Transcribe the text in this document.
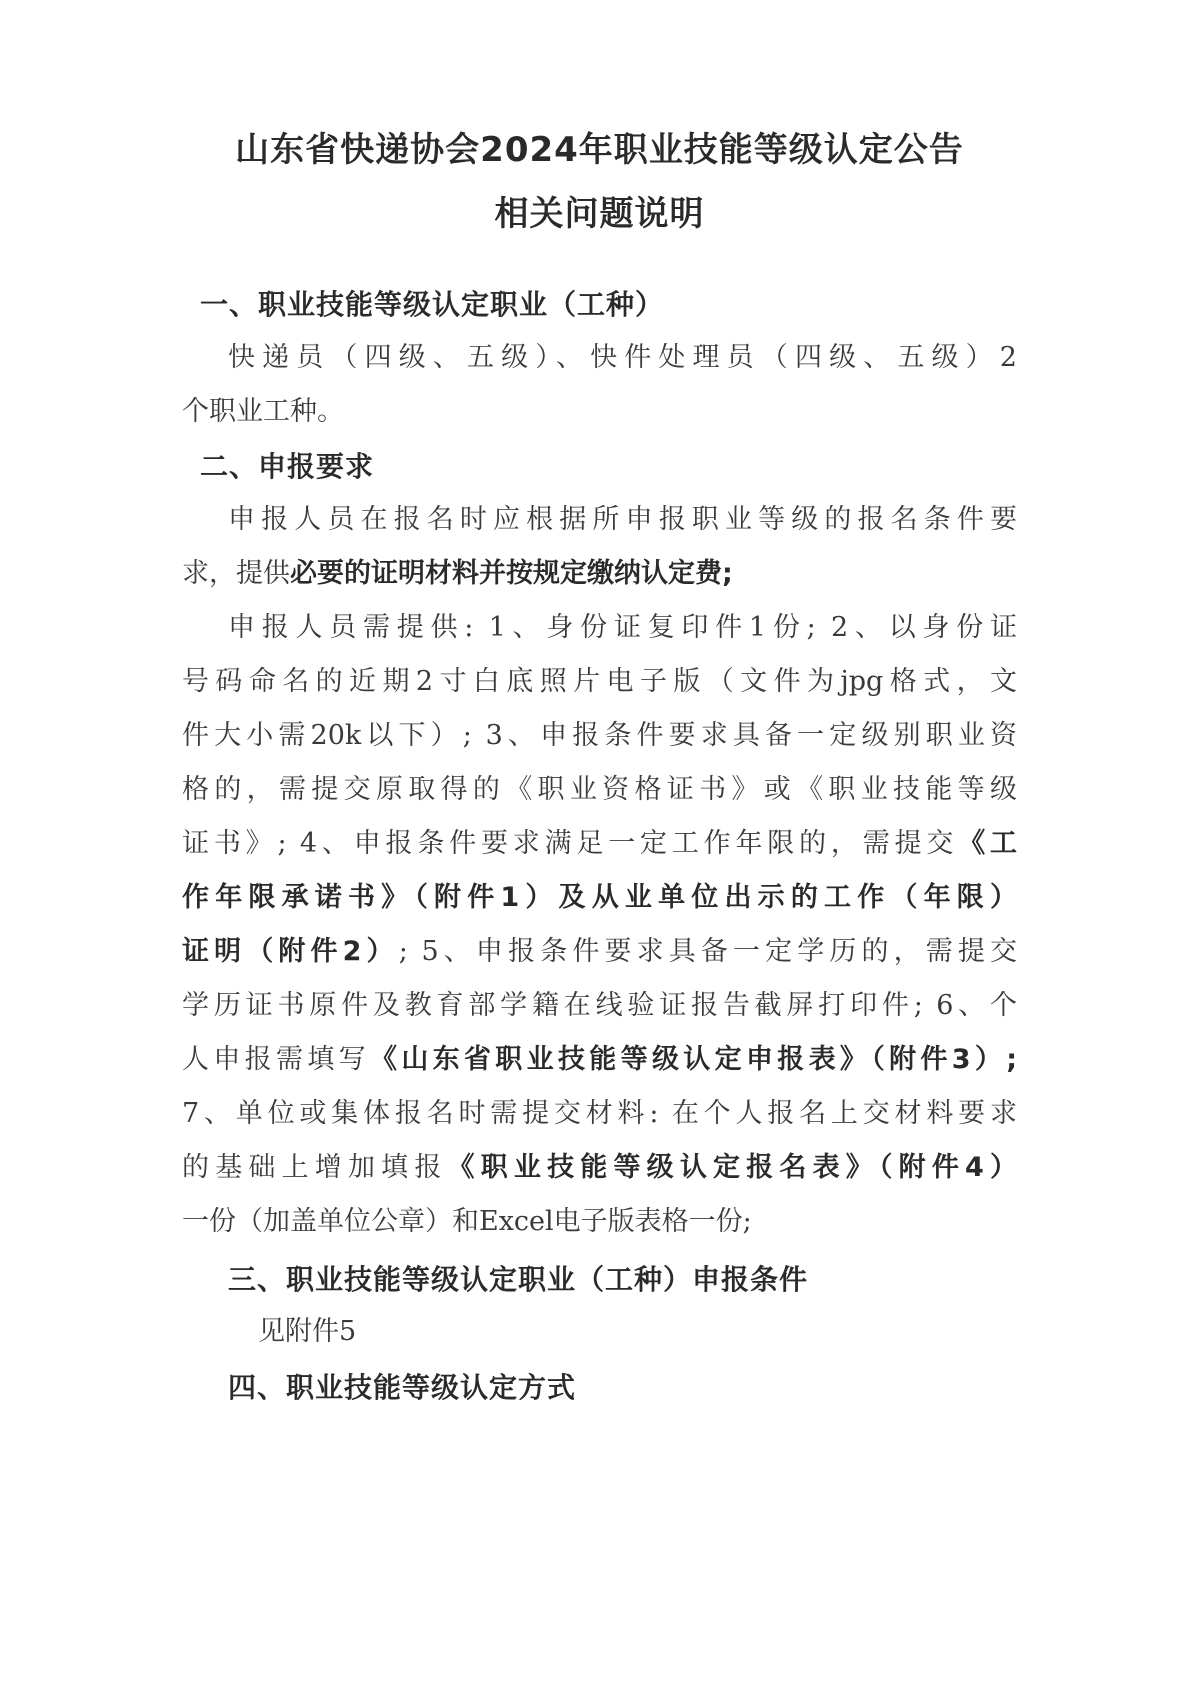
山东省快递协会2024年职业技能等级认定公告
相关问题说明
一、职业技能等级认定职业（工种）
快递员（四级、五级）、快件处理员（四级、五级）2
个职业工种。
二、申报要求
申报人员在报名时应根据所申报职业等级的报名条件要
求，提供必要的证明材料并按规定缴纳认定费;
申报人员需提供: 1、身份证复印件1份; 2、以身份证
号码命名的近期2寸白底照片电子版（文件为jpg格式，文
件大小需20k以下）; 3、申报条件要求具备一定级别职业资
格的，需提交原取得的《职业资格证书》或《职业技能等级
证书》; 4、申报条件要求满足一定工作年限的，需提交《工
作年限承诺书》（附件1）及从业单位出示的工作（年限）
证明（附件2）; 5、申报条件要求具备一定学历的，需提交
学历证书原件及教育部学籍在线验证报告截屏打印件; 6、个
人申报需填写《山东省职业技能等级认定申报表》（附件3）;
7、单位或集体报名时需提交材料: 在个人报名上交材料要求
的基础上增加填报《职业技能等级认定报名表》（附件4）
一份（加盖单位公章）和Excel电子版表格一份;
三、职业技能等级认定职业（工种）申报条件
见附件5
四、职业技能等级认定方式
